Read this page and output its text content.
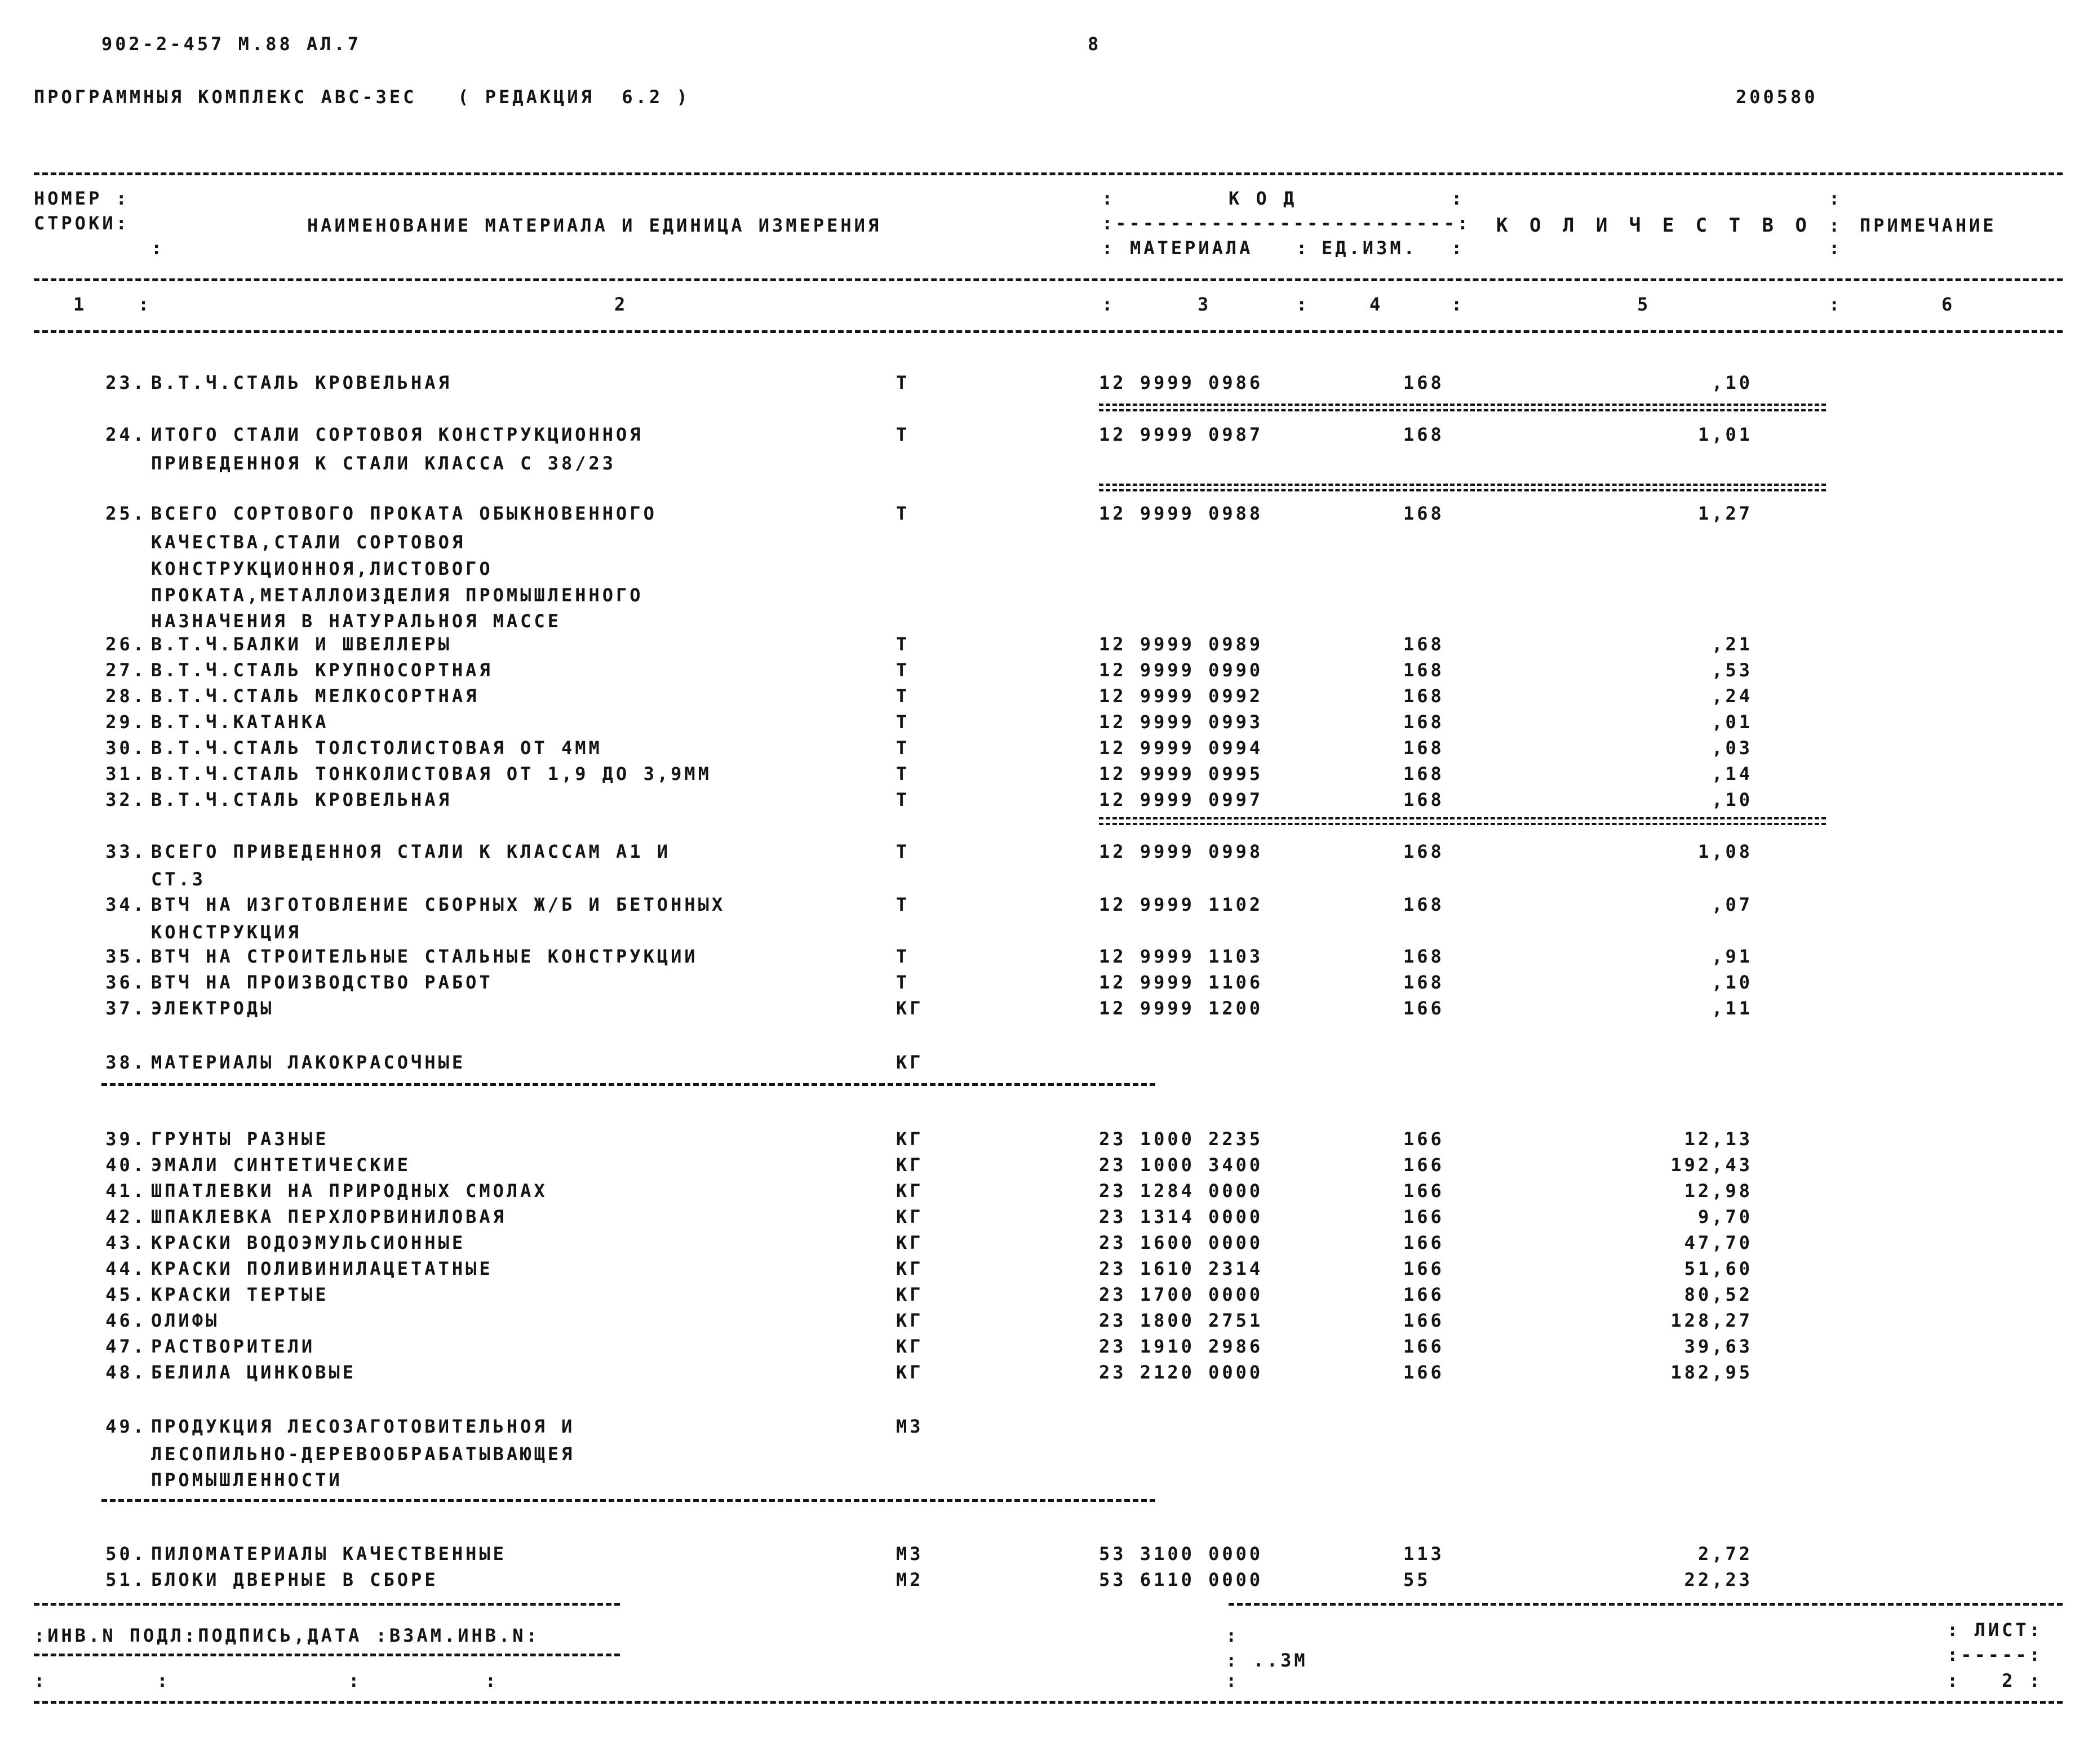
902-2-457 М.88 АЛ.7	8
ПРОГРАММНЫЯ КОМПЛЕКС АВС-ЗЕС   ( РЕДАКЦИЯ  6.2 )	200580
НОМЕР :
СТРОКИ:
:
НАИМЕНОВАНИЕ МАТЕРИАЛА И ЕДИНИЦА ИЗМЕРЕНИЯ
:	К О Д	:
:-------------------------:
: МАТЕРИАЛА : ЕД.ИЗМ. :
К О Л И Ч Е С Т В О
:
: ПРИМЕЧАНИЕ
:
1	:	2	:	3	:	4	:	5	:	6
23. В.Т.Ч.СТАЛЬ КРОВЕЛЬНАЯ	Т	12 9999 0986	168	,10
24. ИТОГО СТАЛИ СОРТОВОЯ КОНСТРУКЦИОННОЯ	Т	12 9999 0987	168	1,01
ПРИВЕДЕННОЯ К СТАЛИ КЛАССА С 38/23
25. ВСЕГО СОРТОВОГО ПРОКАТА ОБЫКНОВЕННОГО	Т	12 9999 0988	168	1,27
КАЧЕСТВА,СТАЛИ СОРТОВОЯ
КОНСТРУКЦИОННОЯ,ЛИСТОВОГО
ПРОКАТА,МЕТАЛЛОИЗДЕЛИЯ ПРОМЫШЛЕННОГО
НАЗНАЧЕНИЯ В НАТУРАЛЬНОЯ МАССЕ
26. В.Т.Ч.БАЛКИ И ШВЕЛЛЕРЫ	Т	12 9999 0989	168	,21
27. В.Т.Ч.СТАЛЬ КРУПНОСОРТНАЯ	Т	12 9999 0990	168	,53
28. В.Т.Ч.СТАЛЬ МЕЛКОСОРТНАЯ	Т	12 9999 0992	168	,24
29. В.Т.Ч.КАТАНКА	Т	12 9999 0993	168	,01
30. В.Т.Ч.СТАЛЬ ТОЛСТОЛИСТОВАЯ ОТ 4ММ	Т	12 9999 0994	168	,03
31. В.Т.Ч.СТАЛЬ ТОНКОЛИСТОВАЯ ОТ 1,9 ДО 3,9ММ	Т	12 9999 0995	168	,14
32. В.Т.Ч.СТАЛЬ КРОВЕЛЬНАЯ	Т	12 9999 0997	168	,10
33. ВСЕГО ПРИВЕДЕННОЯ СТАЛИ К КЛАССАМ А1 И	Т	12 9999 0998	168	1,08
СТ.3
34. ВТЧ НА ИЗГОТОВЛЕНИЕ СБОРНЫХ Ж/Б И БЕТОННЫХ	Т	12 9999 1102	168	,07
КОНСТРУКЦИЯ
35. ВТЧ НА СТРОИТЕЛЬНЫЕ СТАЛЬНЫЕ КОНСТРУКЦИИ	Т	12 9999 1103	168	,91
36. ВТЧ НА ПРОИЗВОДСТВО РАБОТ	Т	12 9999 1106	168	,10
37. ЭЛЕКТРОДЫ	КГ	12 9999 1200	166	,11
38. МАТЕРИАЛЫ ЛАКОКРАСОЧНЫЕ	КГ
39. ГРУНТЫ РАЗНЫЕ	КГ	23 1000 2235	166	12,13
40. ЭМАЛИ СИНТЕТИЧЕСКИЕ	КГ	23 1000 3400	166	192,43
41. ШПАТЛЕВКИ НА ПРИРОДНЫХ СМОЛАХ	КГ	23 1284 0000	166	12,98
42. ШПАКЛЕВКА ПЕРХЛОРВИНИЛОВАЯ	КГ	23 1314 0000	166	9,70
43. КРАСКИ ВОДОЭМУЛЬСИОННЫЕ	КГ	23 1600 0000	166	47,70
44. КРАСКИ ПОЛИВИНИЛАЦЕТАТНЫЕ	КГ	23 1610 2314	166	51,60
45. КРАСКИ ТЕРТЫЕ	КГ	23 1700 0000	166	80,52
46. ОЛИФЫ	КГ	23 1800 2751	166	128,27
47. РАСТВОРИТЕЛИ	КГ	23 1910 2986	166	39,63
48. БЕЛИЛА ЦИНКОВЫЕ	КГ	23 2120 0000	166	182,95
49. ПРОДУКЦИЯ ЛЕСОЗАГОТОВИТЕЛЬНОЯ И	М3
ЛЕСОПИЛЬНО-ДЕРЕВООБРАБАТЫВАЮЩЕЯ
ПРОМЫШЛЕННОСТИ
50. ПИЛОМАТЕРИАЛЫ КАЧЕСТВЕННЫЕ	М3	53 3100 0000	113	2,72
51. БЛОКИ ДВЕРНЫЕ В СБОРЕ	М2	53 6110 0000	55	22,23
:ИНВ.N ПОДЛ:ПОДПИСЬ,ДАТА :ВЗАМ.ИНВ.N:	:	: ЛИСТ:
: ..ЗМ	:-----:
:        :             :         :	:	:   2 :
